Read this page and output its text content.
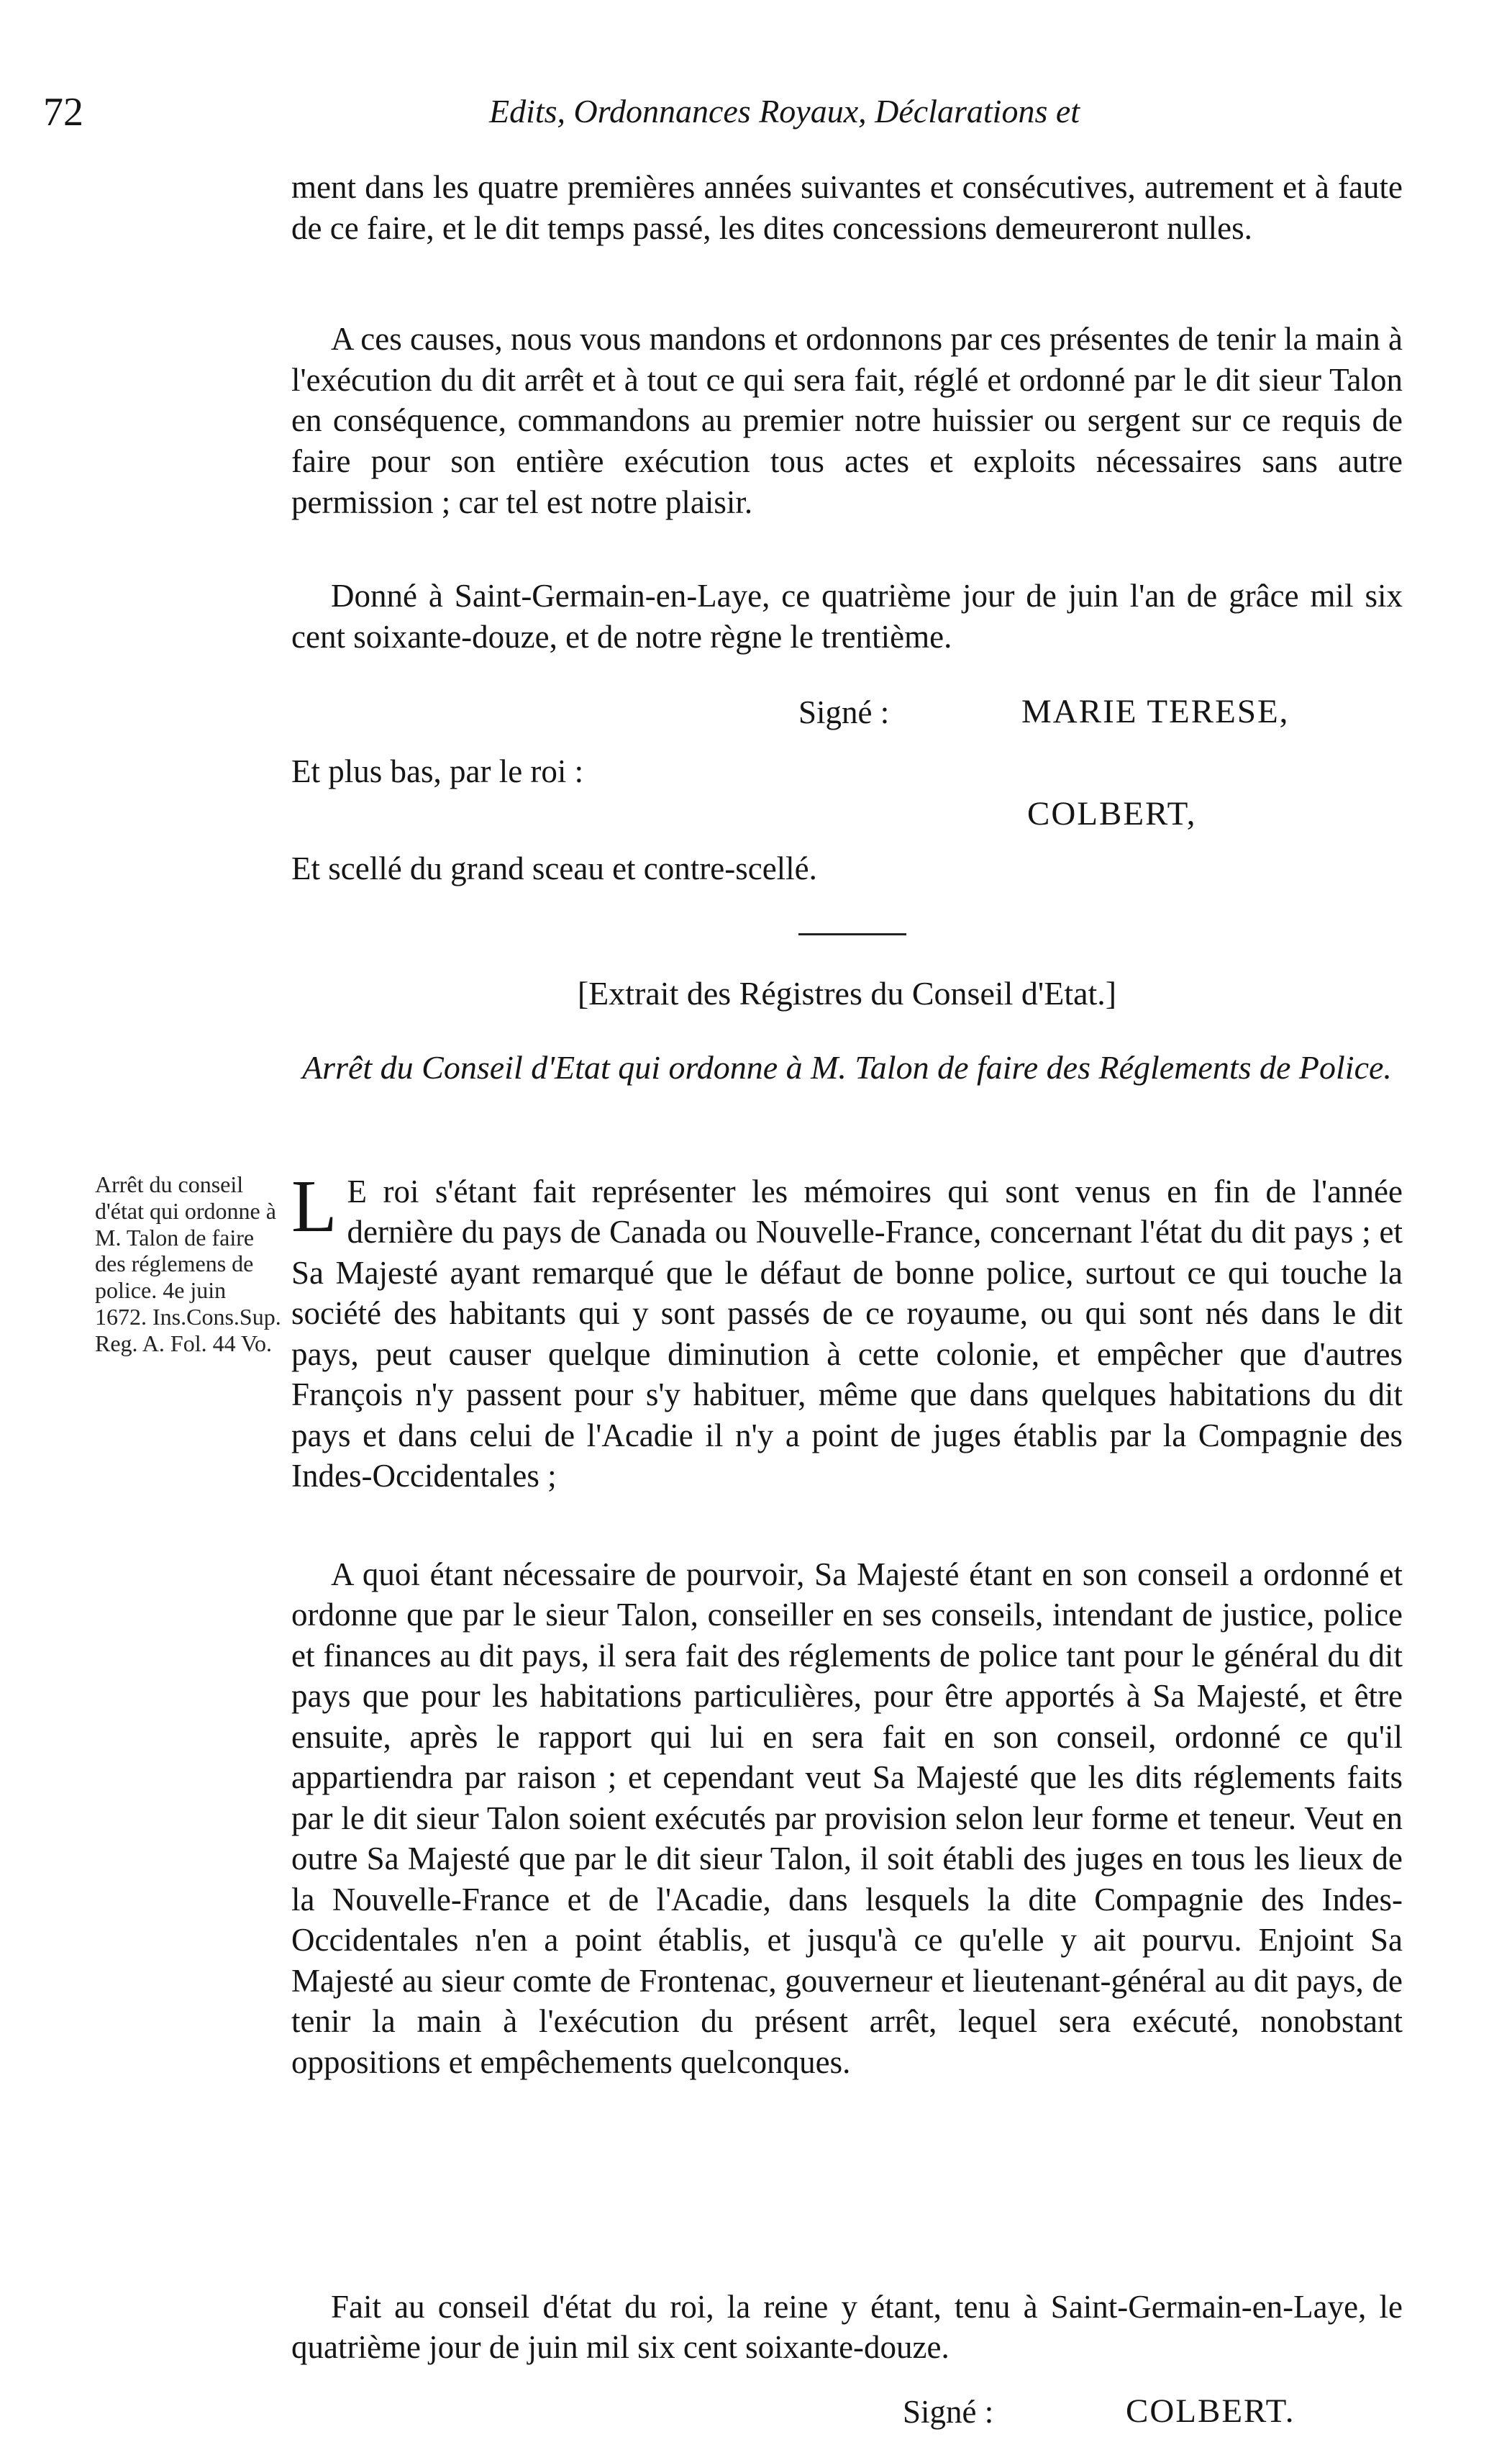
72	Edits, Ordonnances Royaux, Déclarations et

ment dans les quatre premières années suivantes et consécutives, autrement et à faute de ce faire, et le dit temps passé, les dites concessions demeureront nulles.

A ces causes, nous vous mandons et ordonnons par ces présentes de tenir la main à l'exécution du dit arrêt et à tout ce qui sera fait, réglé et ordonné par le dit sieur Talon en conséquence, commandons au premier notre huissier ou sergent sur ce requis de faire pour son entière exécution tous actes et exploits nécessaires sans autre permission ; car tel est notre plaisir.

Donné à Saint-Germain-en-Laye, ce quatrième jour de juin l'an de grâce mil six cent soixante-douze, et de notre règne le trentième.

Signé :	MARIE TERESE,
Et plus bas, par le roi :
COLBERT,
Et scellé du grand sceau et contre-scellé.
[Extrait des Régistres du Conseil d'Etat.]

Arrêt du Conseil d'Etat qui ordonne à M. Talon de faire des Réglements de Police.

Arrêt du conseil d'état qui ordonne à M. Talon de faire des réglemens de police. 4e juin 1672. Ins.Cons.Sup. Reg. A. Fol. 44 Vo.

L E roi s'étant fait représenter les mémoires qui sont venus en fin de l'année dernière du pays de Canada ou Nouvelle-France, concernant l'état du dit pays ; et Sa Majesté ayant remarqué que le défaut de bonne police, surtout ce qui touche la société des habitants qui y sont passés de ce royaume, ou qui sont nés dans le dit pays, peut causer quelque diminution à cette colonie, et empêcher que d'autres François n'y passent pour s'y habituer, même que dans quelques habitations du dit pays et dans celui de l'Acadie il n'y a point de juges établis par la Compagnie des Indes-Occidentales ;

A quoi étant nécessaire de pourvoir, Sa Majesté étant en son conseil a ordonné et ordonne que par le sieur Talon, conseiller en ses conseils, intendant de justice, police et finances au dit pays, il sera fait des réglements de police tant pour le général du dit pays que pour les habitations particulières, pour être apportés à Sa Majesté, et être ensuite, après le rapport qui lui en sera fait en son conseil, ordonné ce qu'il appartiendra par raison ; et cependant veut Sa Majesté que les dits réglements faits par le dit sieur Talon soient exécutés par provision selon leur forme et teneur. Veut en outre Sa Majesté que par le dit sieur Talon, il soit établi des juges en tous les lieux de la Nouvelle-France et de l'Acadie, dans lesquels la dite Compagnie des Indes-Occidentales n'en a point établis, et jusqu'à ce qu'elle y ait pourvu. Enjoint Sa Majesté au sieur comte de Frontenac, gouverneur et lieutenant-général au dit pays, de tenir la main à l'exécution du présent arrêt, lequel sera exécuté, nonobstant oppositions et empêchements quelconques.

Fait au conseil d'état du roi, la reine y étant, tenu à Saint-Germain-en-Laye, le quatrième jour de juin mil six cent soixante-douze.

Signé :	COLBERT.
